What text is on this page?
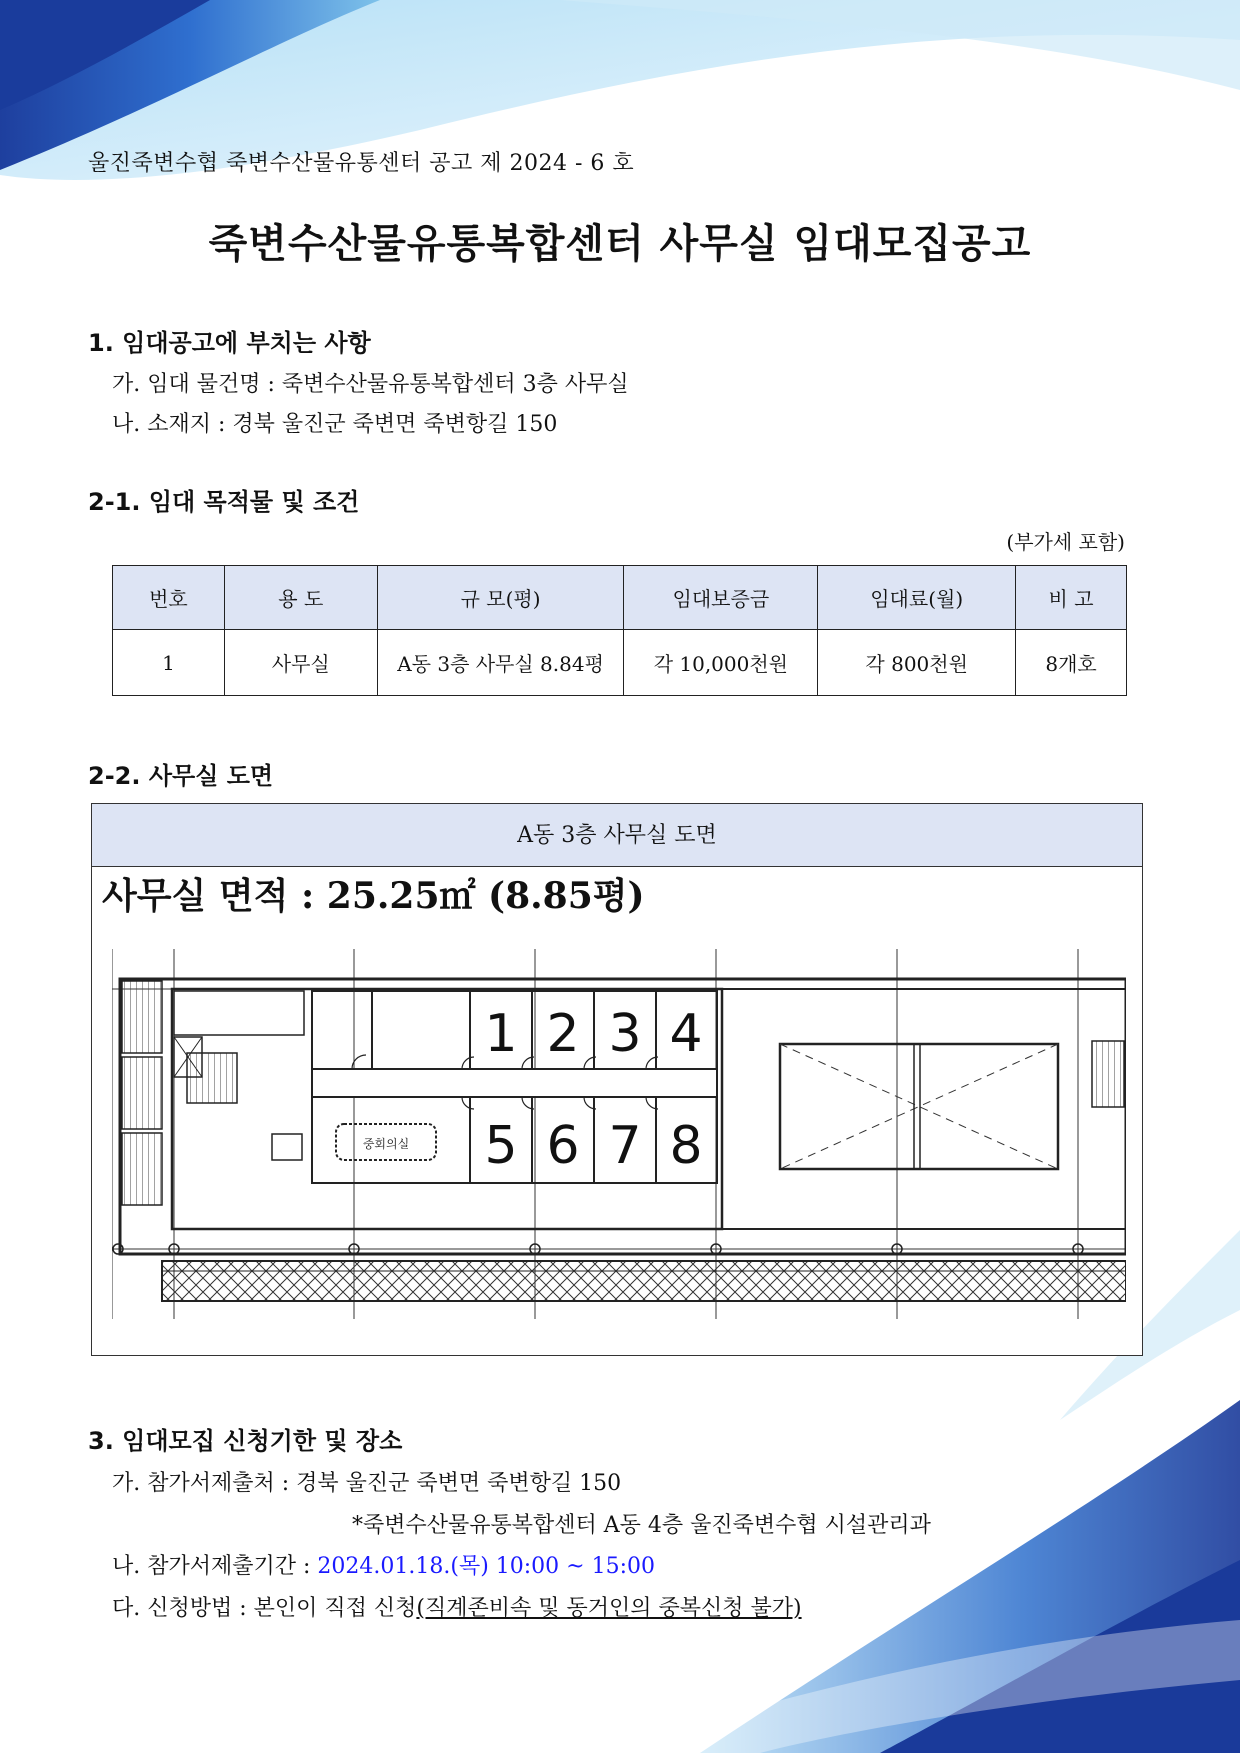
울진죽변수협 죽변수산물유통센터 공고 제 2024 - 6 호
죽변수산물유통복합센터 사무실 임대모집공고
1. 임대공고에 부치는 사항
가. 임대 물건명 : 죽변수산물유통복합센터 3층 사무실
나. 소재지 : 경북 울진군 죽변면 죽변항길 150
2-1. 임대 목적물 및 조건
(부가세 포함)
번호	용 도	규 모(평)	임대보증금	임대료(월)	비 고
1	사무실	A동 3층 사무실 8.84평	각 10,000천원	각 800천원	8개호
2-2. 사무실 도면
A동 3층 사무실 도면
사무실 면적 : 25.25㎡ (8.85평)
중회의실
1 2 3 4
5 6 7 8
3. 임대모집 신청기한 및 장소
가. 참가서제출처 : 경북 울진군 죽변면 죽변항길 150
*죽변수산물유통복합센터 A동 4층 울진죽변수협 시설관리과
나. 참가서제출기간 : 2024.01.18.(목) 10:00 ~ 15:00
다. 신청방법 : 본인이 직접 신청(직계존비속 및 동거인의 중복신청 불가)
